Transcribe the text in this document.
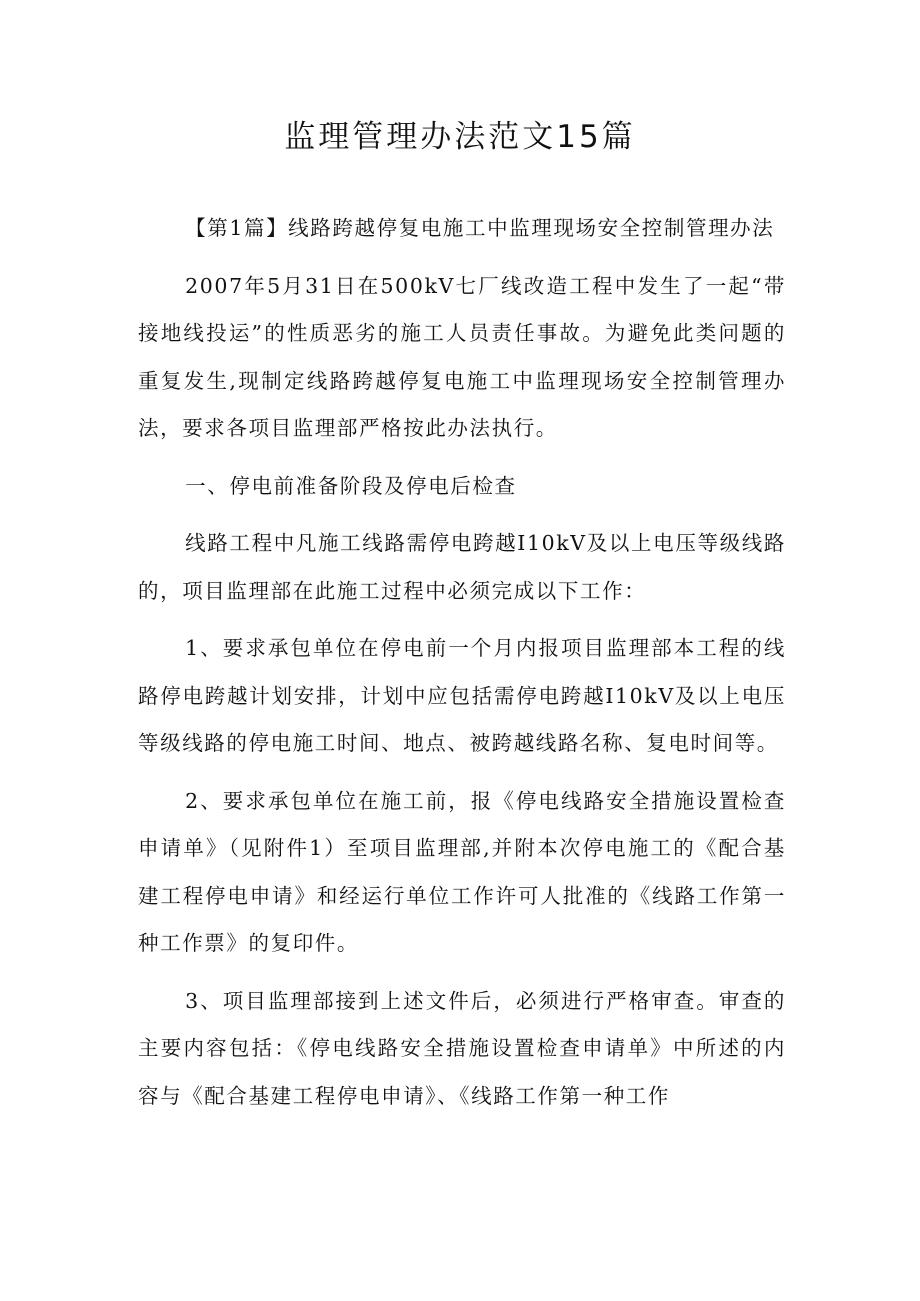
监理管理办法范文15篇

【第1篇】线路跨越停复电施工中监理现场安全控制管理办法

2007年5月31日在500kV七厂线改造工程中发生了一起“带接地线投运”的性质恶劣的施工人员责任事故。为避免此类问题的重复发生,现制定线路跨越停复电施工中监理现场安全控制管理办法，要求各项目监理部严格按此办法执行。

一、停电前准备阶段及停电后检查

线路工程中凡施工线路需停电跨越I10kV及以上电压等级线路的，项目监理部在此施工过程中必须完成以下工作：

1、要求承包单位在停电前一个月内报项目监理部本工程的线路停电跨越计划安排，计划中应包括需停电跨越I10kV及以上电压等级线路的停电施工时间、地点、被跨越线路名称、复电时间等。

2、要求承包单位在施工前，报《停电线路安全措施设置检查申请单》（见附件1）至项目监理部,并附本次停电施工的《配合基建工程停电申请》和经运行单位工作许可人批准的《线路工作第一种工作票》的复印件。

3、项目监理部接到上述文件后，必须进行严格审查。审查的主要内容包括：《停电线路安全措施设置检查申请单》中所述的内容与《配合基建工程停电申请》、《线路工作第一种工作
